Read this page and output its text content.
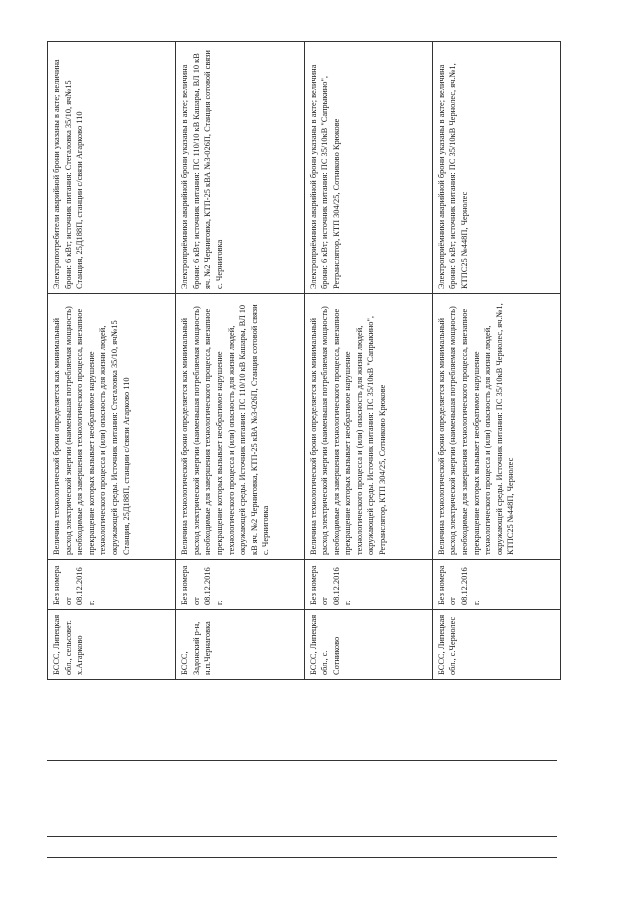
БССС, Липецкая обл., сельсовет. х.Агарково	Без номера от 08.12.2016г.	Величина технологической брони определяется как минимальный расход электрической энергии (наименьшая потребляемая мощность) необходимые для завершения технологического процесса, внезапное прекращение которых вызывает необратимое нарушение технологического процесса и (или) опасность для жизни людей, окружающей среды. Источник питания: Стегаловка 35/10, яч№15 Станция, 25Д188П, станции с/связи Агарково 110	Электропотребители аварийной брони указаны в акте; величина брони: 6 кВт; источник питания: Стегаловка 35/10, яч№15 Станция, 25Д188П, станции с/связи Агарково 110
БССС, Задонский р-н, н.п.Чернаговка	Без номера от 08.12.2016г.	Величина технологической брони определяется как минимальный расход электрической энергии (наименьшая потребляемая мощность) необходимые для завершения технологического процесса, внезапное прекращение которых вызывает необратимое нарушение технологического процесса и (или) опасность для жизни людей, окружающей среды. Источник питания: ПС 110/10 кВ Кашары, ВЛ 10 кВ яч. №2 Черниговка, КТП-25 кВА №3-026П, Станция сотовой связи с. Черниговка	Электроприёмники аварийной брони указаны в акте; величина брони: 6 кВт; источник питания: ПС 110/10 кВ Кашары, ВЛ 10 кВ яч. №2 Черниговка, КТП-25 кВА №3-026П, Станция сотовой связи с. Черниговка
БССС, Липецкая обл., с. Сотниково	Без номера от 08.12.2016г.	Величина технологической брони определяется как минимальный расход электрической энергии (наименьшая потребляемая мощность) необходимые для завершения технологического процесса, внезапное прекращение которых вызывает необратимое нарушение технологического процесса и (или) опасность для жизни людей, окружающей среды. Источник питания: ПС 35/10кВ "Сапрыкино", Ретранслятор, КТП 304/25, Сотниково Крюкове	Электроприёмники аварийной брони указаны в акте; величина брони: 6 кВт; источник питания: ПС 35/10кВ "Сапрыкино", Ретранслятор, КТП 304/25, Сотниково Крюкове
БССС, Липецкая обл., с.Чернолес	Без номера от 08.12.2016г.	Величина технологической брони определяется как минимальный расход электрической энергии (наименьшая потребляемая мощность) необходимые для завершения технологического процесса, внезапное прекращение которых вызывает необратимое нарушение технологического процесса и (или) опасность для жизни людей, окружающей среды. Источник питания: ПС 35/10кВ Чернолес, яч.№1, КТПС25 №448П, Чернолес	Электроприёмники аварийной брони указаны в акте; величина брони: 6 кВт; источник питания: ПС 35/10кВ Чернолес, яч.№1, КТПС25 №448П, Чернолес
